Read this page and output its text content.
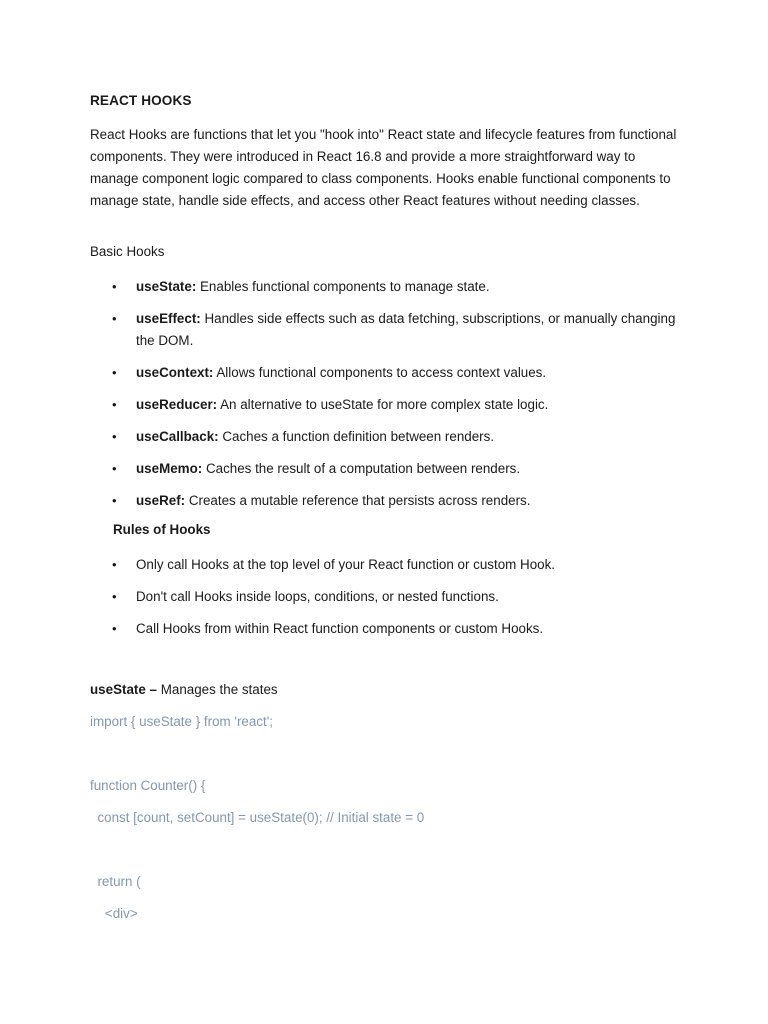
REACT HOOKS

React Hooks are functions that let you "hook into" React state and lifecycle features from functional components. They were introduced in React 16.8 and provide a more straightforward way to manage component logic compared to class components. Hooks enable functional components to manage state, handle side effects, and access other React features without needing classes.

Basic Hooks

• useState: Enables functional components to manage state.
• useEffect: Handles side effects such as data fetching, subscriptions, or manually changing the DOM.
• useContext: Allows functional components to access context values.
• useReducer: An alternative to useState for more complex state logic.
• useCallback: Caches a function definition between renders.
• useMemo: Caches the result of a computation between renders.
• useRef: Creates a mutable reference that persists across renders.

Rules of Hooks

• Only call Hooks at the top level of your React function or custom Hook.
• Don't call Hooks inside loops, conditions, or nested functions.
• Call Hooks from within React function components or custom Hooks.

useState – Manages the states

import { useState } from 'react';

function Counter() {

const [count, setCount] = useState(0); // Initial state = 0

return (

<div>
